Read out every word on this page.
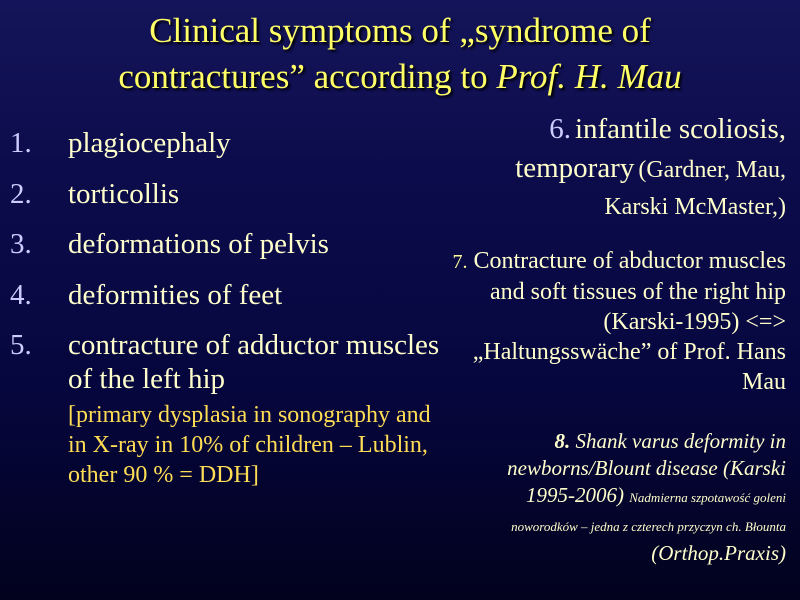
Clinical symptoms of „syndrome of
contractures” according to Prof. H. Mau
1. plagiocephaly
2. torticollis
3. deformations of pelvis
4. deformities of feet
5. contracture of adductor muscles of the left hip
[primary dysplasia in sonography and in X-ray in 10% of children – Lublin, other 90 % = DDH]
6. infantile scoliosis, temporary (Gardner, Mau, Karski McMaster,)
7. Contracture of abductor muscles and soft tissues of the right hip (Karski-1995) <=> „Haltungsswäche” of Prof. Hans Mau
8. Shank varus deformity in newborns/Blount disease (Karski 1995-2006) Nadmierna szpotawość goleni noworodków – jedna z czterech przyczyn ch. Błounta (Orthop.Praxis)
